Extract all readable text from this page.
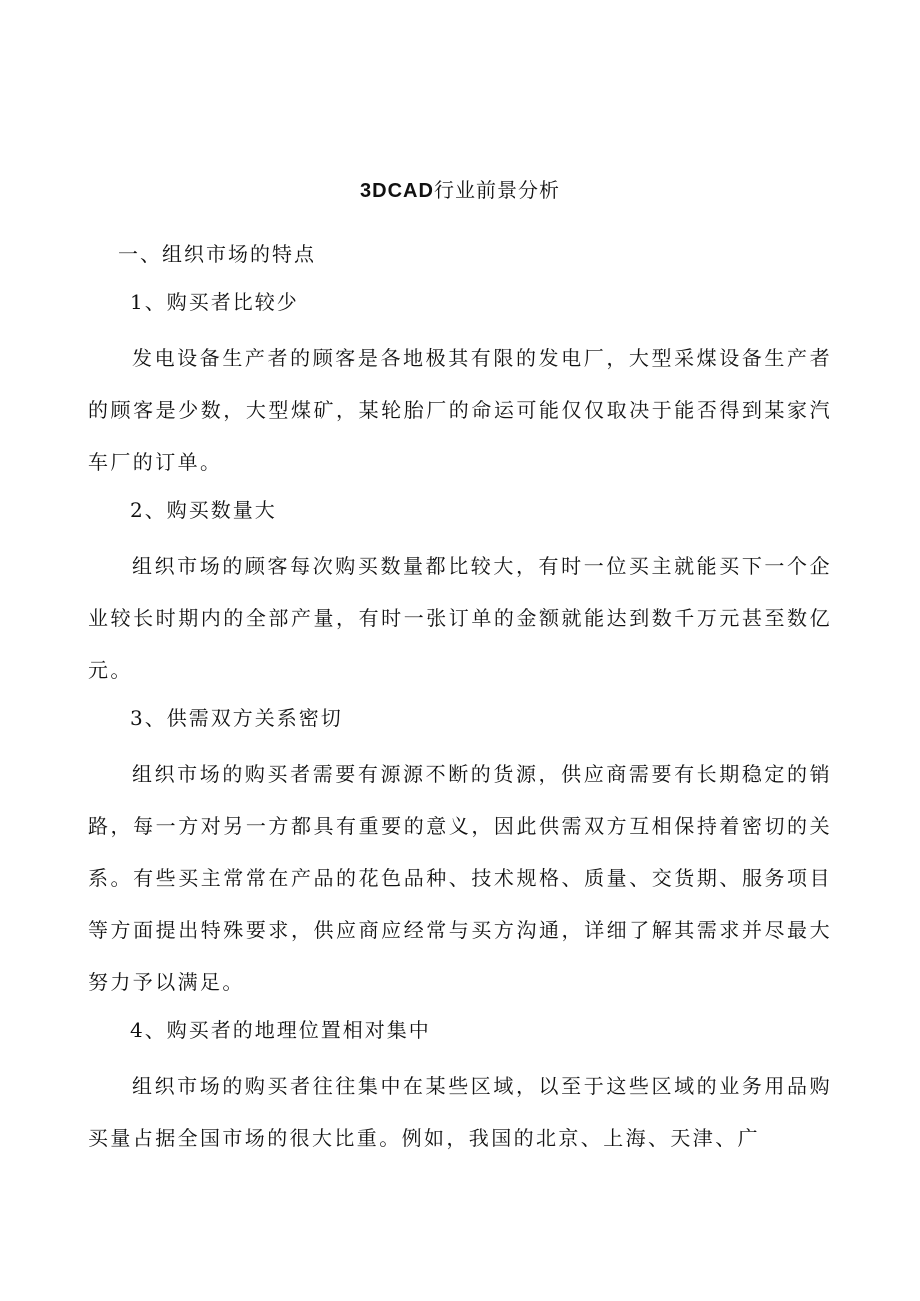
3DCAD行业前景分析
一、组织市场的特点
1、购买者比较少

发电设备生产者的顾客是各地极其有限的发电厂，大型采煤设备生产者的顾客是少数，大型煤矿，某轮胎厂的命运可能仅仅取决于能否得到某家汽车厂的订单。

2、购买数量大

组织市场的顾客每次购买数量都比较大，有时一位买主就能买下一个企业较长时期内的全部产量，有时一张订单的金额就能达到数千万元甚至数亿元。

3、供需双方关系密切

组织市场的购买者需要有源源不断的货源，供应商需要有长期稳定的销路，每一方对另一方都具有重要的意义，因此供需双方互相保持着密切的关系。有些买主常常在产品的花色品种、技术规格、质量、交货期、服务项目等方面提出特殊要求，供应商应经常与买方沟通，详细了解其需求并尽最大努力予以满足。

4、购买者的地理位置相对集中

组织市场的购买者往往集中在某些区域，以至于这些区域的业务用品购买量占据全国市场的很大比重。例如，我国的北京、上海、天津、广
